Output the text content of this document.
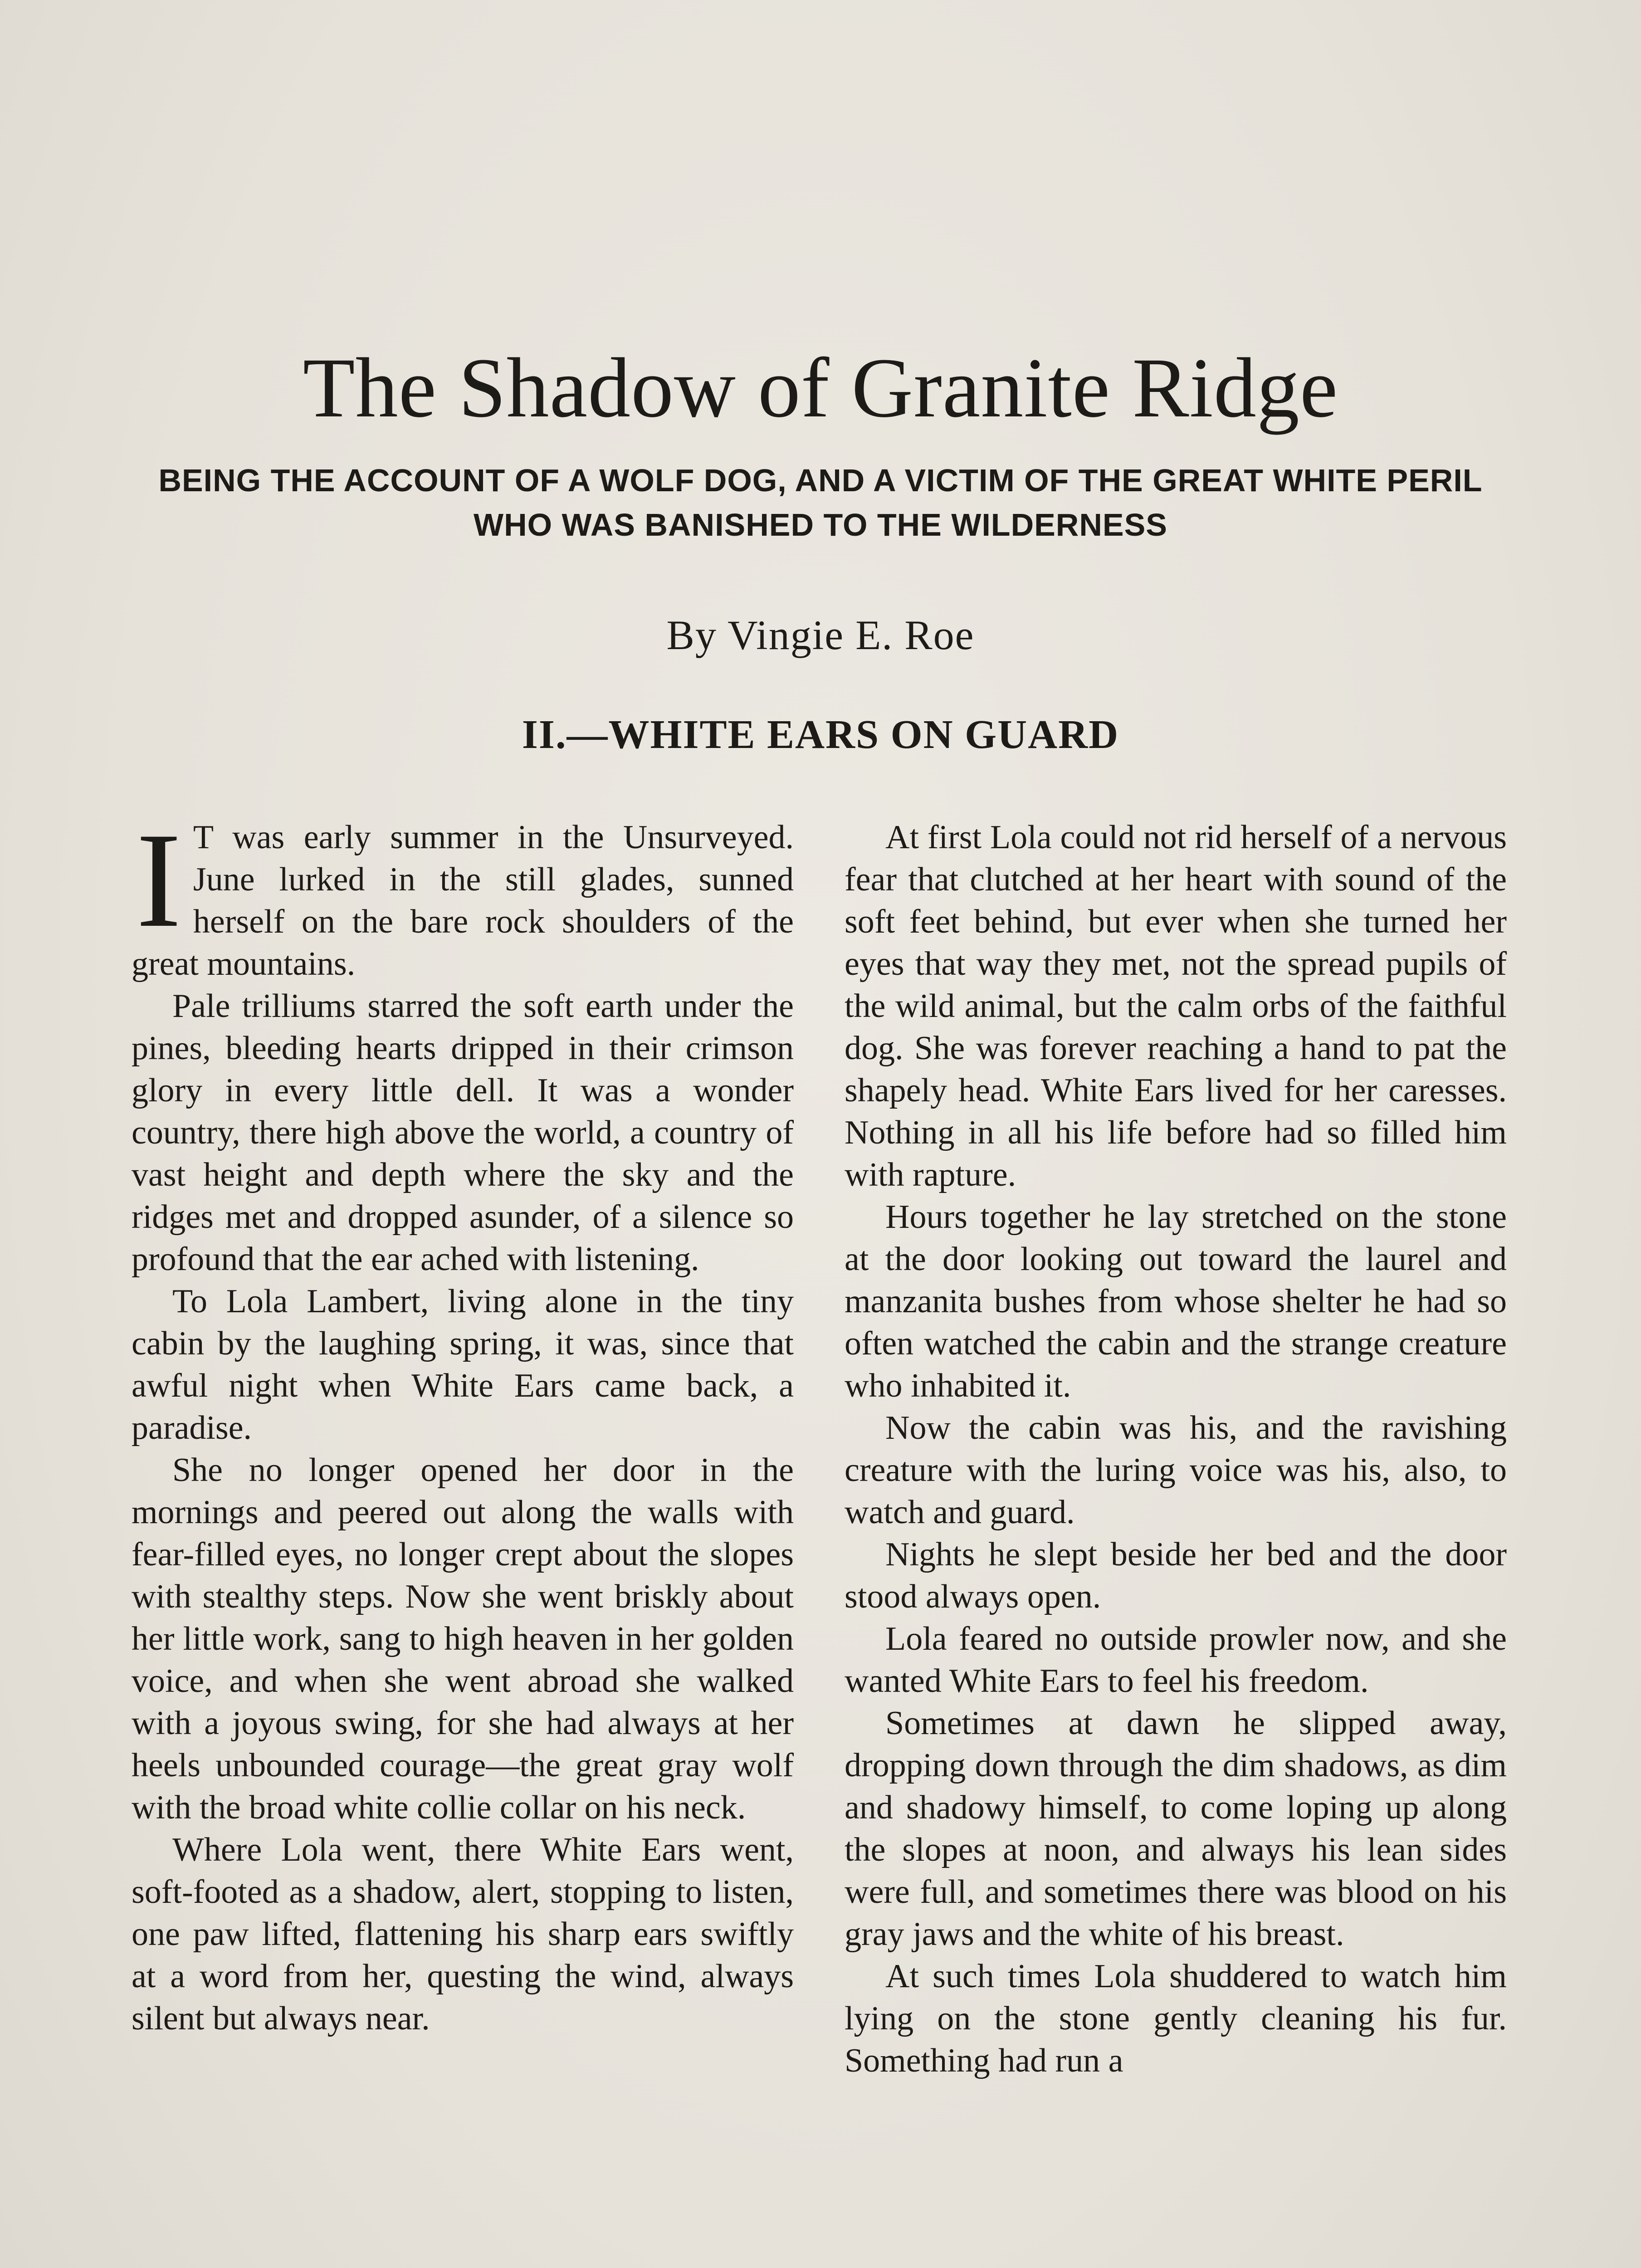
The Shadow of Granite Ridge
BEING THE ACCOUNT OF A WOLF DOG, AND A VICTIM OF THE GREAT WHITE PERIL WHO WAS BANISHED TO THE WILDERNESS
By Vingie E. Roe
II.—WHITE EARS ON GUARD

I T was early summer in the Unsurveyed. June lurked in the still glades, sunned herself on the bare rock shoulders of the great mountains.

Pale trilliums starred the soft earth under the pines, bleeding hearts dripped in their crimson glory in every little dell. It was a wonder country, there high above the world, a country of vast height and depth where the sky and the ridges met and dropped asunder, of a silence so profound that the ear ached with listening.

To Lola Lambert, living alone in the tiny cabin by the laughing spring, it was, since that awful night when White Ears came back, a paradise.

She no longer opened her door in the mornings and peered out along the walls with fear-filled eyes, no longer crept about the slopes with stealthy steps. Now she went briskly about her little work, sang to high heaven in her golden voice, and when she went abroad she walked with a joyous swing, for she had always at her heels unbounded courage—the great gray wolf with the broad white collie collar on his neck.

Where Lola went, there White Ears went, soft-footed as a shadow, alert, stopping to listen, one paw lifted, flattening his sharp ears swiftly at a word from her, questing the wind, always silent but always near.

At first Lola could not rid herself of a nervous fear that clutched at her heart with sound of the soft feet behind, but ever when she turned her eyes that way they met, not the spread pupils of the wild animal, but the calm orbs of the faithful dog. She was forever reaching a hand to pat the shapely head. White Ears lived for her caresses. Nothing in all his life before had so filled him with rapture.

Hours together he lay stretched on the stone at the door looking out toward the laurel and manzanita bushes from whose shelter he had so often watched the cabin and the strange creature who inhabited it.

Now the cabin was his, and the ravishing creature with the luring voice was his, also, to watch and guard.

Nights he slept beside her bed and the door stood always open.

Lola feared no outside prowler now, and she wanted White Ears to feel his freedom.

Sometimes at dawn he slipped away, dropping down through the dim shadows, as dim and shadowy himself, to come loping up along the slopes at noon, and always his lean sides were full, and sometimes there was blood on his gray jaws and the white of his breast.

At such times Lola shuddered to watch him lying on the stone gently cleaning his fur. Something had run a
